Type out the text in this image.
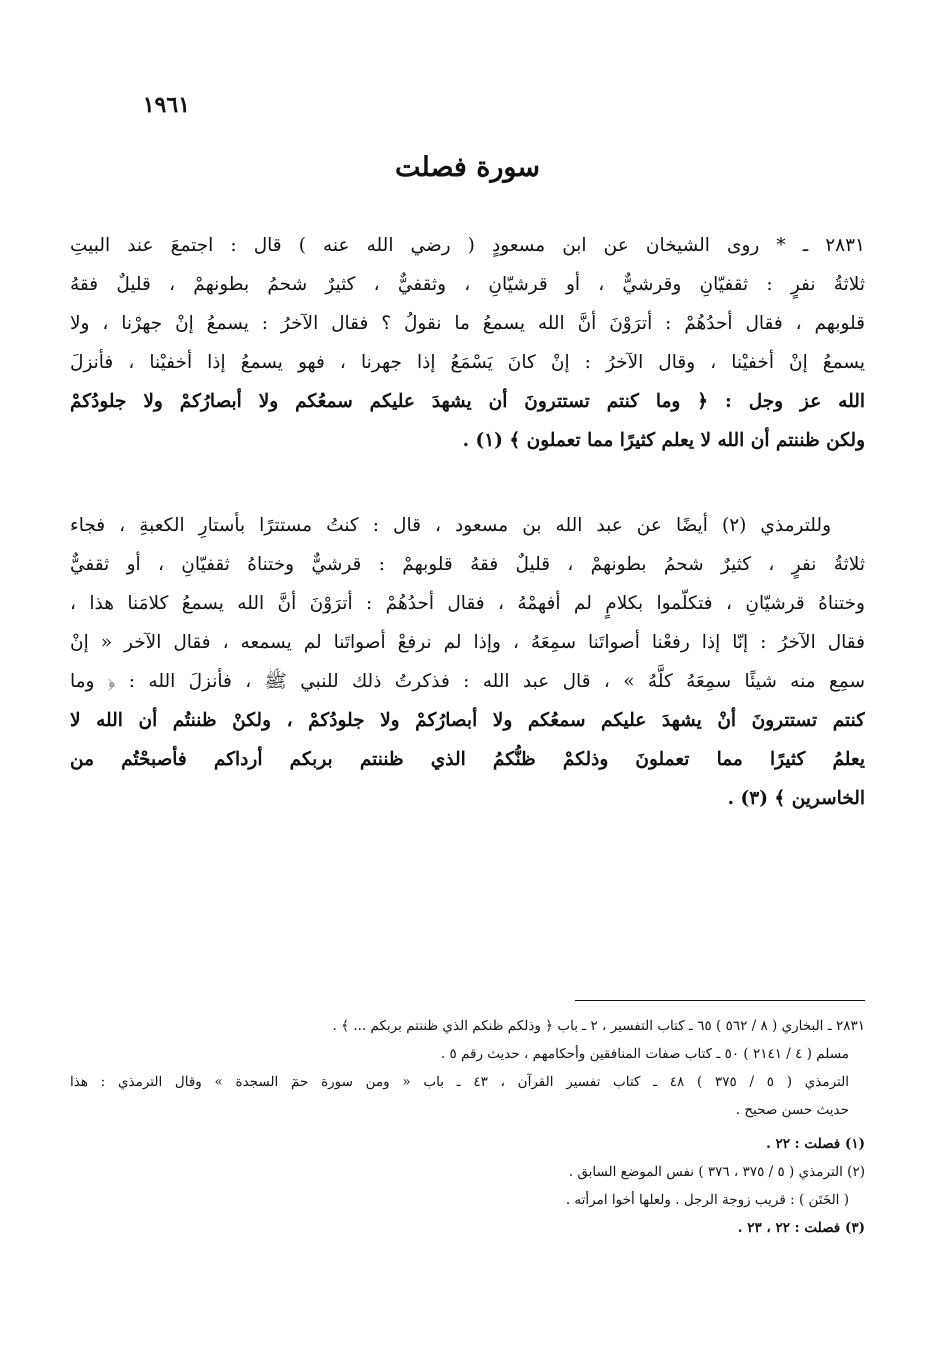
١٩٦١
سورة فصلت
٢٨٣١ ـ * روى الشيخان عن ابن مسعودٍ ( رضي الله عنه ) قال : اجتمعَ عند البيتِ
ثلاثةُ نفرٍ : ثقفيّانِ وقرشيٌّ ، أو قرشيّانِ ، وثقفيٌّ ، كثيرٌ شحمُ بطونهمْ ، قليلٌ فقهُ
قلوبهم ، فقال أحدُهُمْ : أترَوْنَ أنَّ الله يسمعُ ما نقولُ ؟ فقال الآخرُ : يسمعُ إنْ جهرْنا ، ولا
يسمعُ إنْ أخفيْنا ، وقال الآخرُ : إنْ كانَ يَسْمَعُ إذا جهرنا ، فهو يسمعُ إذا أخفيْنا ، فأنزلَ
الله عز وجل : ﴿ وما كنتم تستترونَ أن يشهدَ عليكم سمعُكم ولا أبصارُكمْ ولا جلودُكمْ
ولكن ظننتم أن الله لا يعلم كثيرًا مما تعملون ﴾ (١) .
وللترمذي (٢) أيضًا عن عبد الله بن مسعود ، قال : كنتُ مستترًا بأستارِ الكعبةِ ، فجاء
ثلاثةُ نفرٍ ، كثيرٌ شحمُ بطونهمْ ، قليلٌ فقهُ قلوبهمْ : قرشيٌّ وختناهُ ثقفيّانِ ، أو ثقفيٌّ
وختناهُ قرشيّانِ ، فتكلّموا بكلامٍ لم أفهمْهُ ، فقال أحدُهُمْ : أترَوْنَ أنَّ الله يسمعُ كلامَنا هذا ،
فقال الآخرُ : إنّا إذا رفعْنا أصواتَنا سمِعَهُ ، وإذا لم نرفعْ أصواتَنا لم يسمعه ، فقال الآخر « إنْ
سمِع منه شيئًا سمِعَهُ كلَّهُ » ، قال عبد الله : فذكرتُ ذلك للنبي ﷺ ، فأنزلَ الله : ﴿ وما
كنتم تستترونَ أنْ يشهدَ عليكم سمعُكم ولا أبصارُكمْ ولا جلودُكمْ ، ولكنْ ظننتُم أن الله لا
يعلمُ كثيرًا مما تعملونَ وذلكمْ ظنُّكمُ الذي ظننتم بربكم أرداكم فأصبحْتُم من
الخاسرين ﴾ (٣) .
٢٨٣١ ـ البخاري ( ٨ / ٥٦٢ ) ٦٥ ـ كتاب التفسير ، ٢ ـ باب ﴿ وذلكم ظنكم الذي ظننتم بربكم ... ﴾ .
مسلم ( ٤ / ٢١٤١ ) ٥٠ ـ كتاب صفات المنافقين وأحكامهم ، حديث رقم ٥ .
الترمذي ( ٥ / ٣٧٥ ) ٤٨ ـ كتاب تفسير القرآن ، ٤٣ ـ باب « ومن سورة حمٓ السجدة » وقال الترمذي : هذا
حديث حسن صحيح .
(١) فصلت : ٢٢ .
(٢) الترمذي ( ٥ / ٣٧٥ ، ٣٧٦ ) نفس الموضع السابق .
( الخَتَن ) : قريب زوجة الرجل . ولعلها أخوا امرأته .
(٣) فصلت : ٢٢ ، ٢٣ .
